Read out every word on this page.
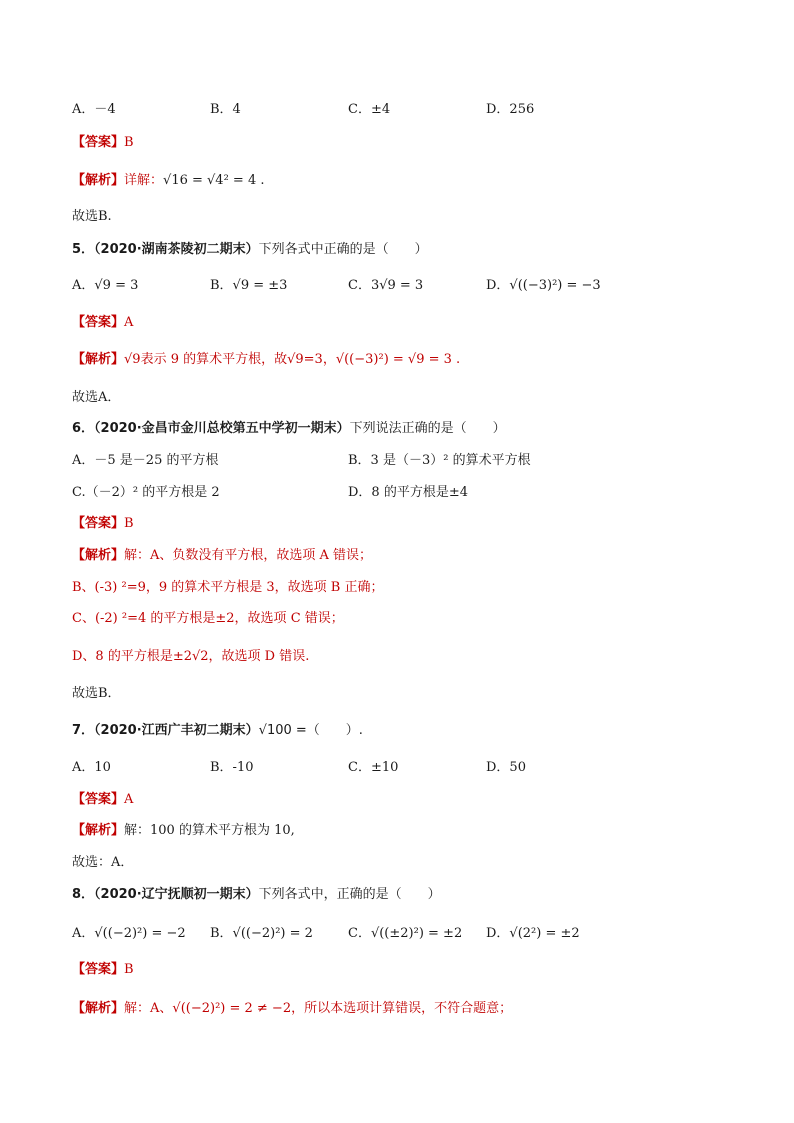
A．－4	B．4	C．±4	D．256
【答案】B
【解析】详解：√16 = √4² = 4 .
故选B.
5．（2020·湖南茶陵初二期末）下列各式中正确的是（　　）
A．√9 = 3	B．√9 = ±3	C．3√9 = 3	D．√((−3)²) = −3
【答案】A
【解析】√9表示 9 的算术平方根，故√9=3，√((−3)²) = √9 = 3 .
故选A．
6．（2020·金昌市金川总校第五中学初一期末）下列说法正确的是（　　）
A．－5 是－25 的平方根	B．3 是（－3）² 的算术平方根
C.（－2）² 的平方根是 2	D．8 的平方根是±4
【答案】B
【解析】解：A、负数没有平方根，故选项 A 错误；
B、(-3) ²=9，9 的算术平方根是 3，故选项 B 正确；
C、(-2) ²=4 的平方根是±2，故选项 C 错误；
D、8 的平方根是±2√2，故选项 D 错误.
故选B．
7．（2020·江西广丰初二期末）√100 =（　　）.
A．10	B．-10	C．±10	D．50
【答案】A
【解析】解：100 的算术平方根为 10,
故选：A．
8．（2020·辽宁抚顺初一期末）下列各式中，正确的是（　　）
A．√((−2)²) = −2 B．√((−2)²) = 2	C．√((±2)²) = ±2 D．√(2²) = ±2
【答案】B
【解析】解：A、√((−2)²) = 2 ≠ −2，所以本选项计算错误，不符合题意；
